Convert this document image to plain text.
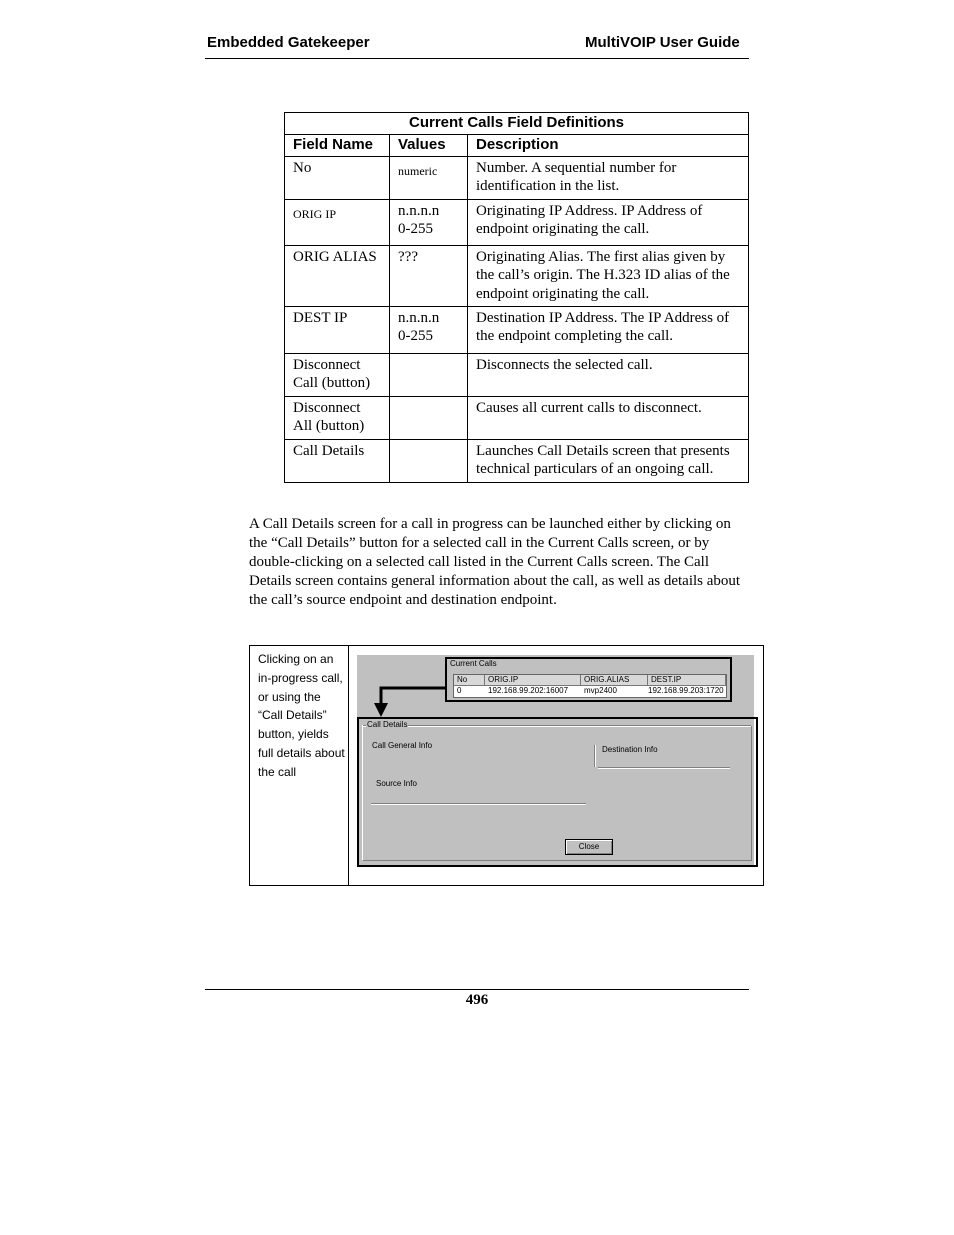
Embedded Gatekeeper	MultiVOIP User Guide
Current Calls Field Definitions		
Field Name	Values	Description
No	numeric	Number. A sequential number for identification in the list.
ORIG IP	n.n.n.n 0-255	Originating IP Address. IP Address of endpoint originating the call.
ORIG ALIAS	???	Originating Alias. The first alias given by the call’s origin. The H.323 ID alias of the endpoint originating the call.
DEST IP	n.n.n.n 0-255	Destination IP Address. The IP Address of the endpoint completing the call.
Disconnect Call (button)		Disconnects the selected call.
Disconnect All (button)		Causes all current calls to disconnect.
Call Details		Launches Call Details screen that presents technical particulars of an ongoing call.
A Call Details screen for a call in progress can be launched either by clicking on the “Call Details” button for a selected call in the Current Calls screen, or by double-clicking on a selected call listed in the Current Calls screen. The Call Details screen contains general information about the call, as well as details about the call’s source endpoint and destination endpoint.
Clicking on an in-progress call, or using the “Call Details” button, yields full details about the call
Current Calls
No	ORIG.IP	ORIG.ALIAS	DEST.IP
0	192.168.99.202:16007 mvp2400	192.168.99.203:1720
Call Details
Call General Info	Destination Info
Source Info
Close
496
